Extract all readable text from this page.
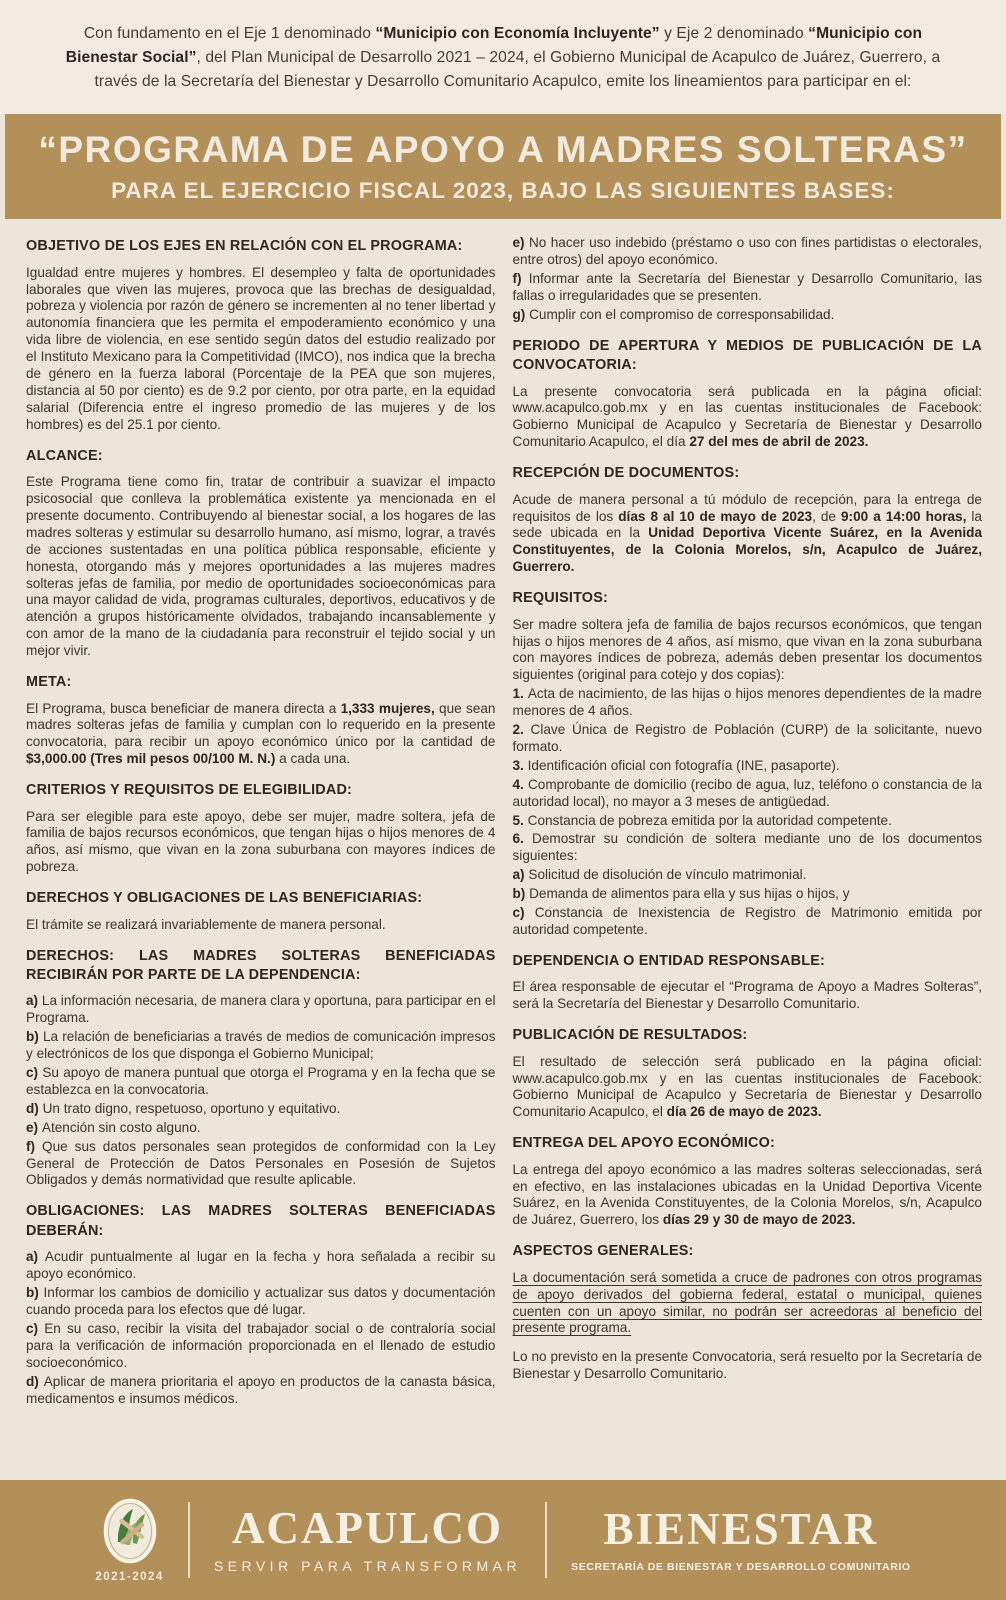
Con fundamento en el Eje 1 denominado “Municipio con Economía Incluyente” y Eje 2 denominado “Municipio con Bienestar Social”, del Plan Municipal de Desarrollo 2021 – 2024, el Gobierno Municipal de Acapulco de Juárez, Guerrero, a través de la Secretaría del Bienestar y Desarrollo Comunitario Acapulco, emite los lineamientos para participar en el:
“PROGRAMA DE APOYO A MADRES SOLTERAS”
PARA EL EJERCICIO FISCAL 2023, BAJO LAS SIGUIENTES BASES:
OBJETIVO DE LOS EJES EN RELACIÓN CON EL PROGRAMA:

Igualdad entre mujeres y hombres. El desempleo y falta de oportunidades laborales que viven las mujeres, provoca que las brechas de desigualdad, pobreza y violencia por razón de género se incrementen al no tener libertad y autonomía financiera que les permita el empoderamiento económico y una vida libre de violencia, en ese sentido según datos del estudio realizado por el Instituto Mexicano para la Competitividad (IMCO), nos indica que la brecha de género en la fuerza laboral (Porcentaje de la PEA que son mujeres, distancia al 50 por ciento) es de 9.2 por ciento, por otra parte, en la equidad salarial (Diferencia entre el ingreso promedio de las mujeres y de los hombres) es del 25.1 por ciento.

ALCANCE:

Este Programa tiene como fin, tratar de contribuir a suavizar el impacto psicosocial que conlleva la problemática existente ya mencionada en el presente documento. Contribuyendo al bienestar social, a los hogares de las madres solteras y estimular su desarrollo humano, así mismo, lograr, a través de acciones sustentadas en una política pública responsable, eficiente y honesta, otorgando más y mejores oportunidades a las mujeres madres solteras jefas de familia, por medio de oportunidades socioeconómicas para una mayor calidad de vida, programas culturales, deportivos, educativos y de atención a grupos históricamente olvidados, trabajando incansablemente y con amor de la mano de la ciudadanía para reconstruir el tejido social y un mejor vivir.

META:

El Programa, busca beneficiar de manera directa a 1,333 mujeres, que sean madres solteras jefas de familia y cumplan con lo requerido en la presente convocatoria, para recibir un apoyo económico único por la cantidad de $3,000.00 (Tres mil pesos 00/100 M. N.) a cada una.

CRITERIOS Y REQUISITOS DE ELEGIBILIDAD:

Para ser elegible para este apoyo, debe ser mujer, madre soltera, jefa de familia de bajos recursos económicos, que tengan hijas o hijos menores de 4 años, así mismo, que vivan en la zona suburbana con mayores índices de pobreza.

DERECHOS Y OBLIGACIONES DE LAS BENEFICIARIAS:

El trámite se realizará invariablemente de manera personal.

DERECHOS: LAS MADRES SOLTERAS BENEFICIADAS RECIBIRÁN POR PARTE DE LA DEPENDENCIA:

a) La información necesaria, de manera clara y oportuna, para participar en el Programa.

b) La relación de beneficiarias a través de medios de comunicación impresos y electrónicos de los que disponga el Gobierno Municipal;

c) Su apoyo de manera puntual que otorga el Programa y en la fecha que se establezca en la convocatoria.

d) Un trato digno, respetuoso, oportuno y equitativo.

e) Atención sin costo alguno.

f) Que sus datos personales sean protegidos de conformidad con la Ley General de Protección de Datos Personales en Posesión de Sujetos Obligados y demás normatividad que resulte aplicable.

OBLIGACIONES: LAS MADRES SOLTERAS BENEFICIADAS DEBERÁN:

a) Acudir puntualmente al lugar en la fecha y hora señalada a recibir su apoyo económico.

b) Informar los cambios de domicilio y actualizar sus datos y documentación cuando proceda para los efectos que dé lugar.

c) En su caso, recibir la visita del trabajador social o de contraloría social para la verificación de información proporcionada en el llenado de estudio socioeconómico.

d) Aplicar de manera prioritaria el apoyo en productos de la canasta básica, medicamentos e insumos médicos.

e) No hacer uso indebido (préstamo o uso con fines partidistas o electorales, entre otros) del apoyo económico.

f) Informar ante la Secretaría del Bienestar y Desarrollo Comunitario, las fallas o irregularidades que se presenten.

g) Cumplir con el compromiso de corresponsabilidad.

PERIODO DE APERTURA Y MEDIOS DE PUBLICACIÓN DE LA CONVOCATORIA:

La presente convocatoria será publicada en la página oficial: www.acapulco.gob.mx y en las cuentas institucionales de Facebook: Gobierno Municipal de Acapulco y Secretaría de Bienestar y Desarrollo Comunitario Acapulco, el día 27 del mes de abril de 2023.

RECEPCIÓN DE DOCUMENTOS:

Acude de manera personal a tú módulo de recepción, para la entrega de requisitos de los días 8 al 10 de mayo de 2023, de 9:00 a 14:00 horas, la sede ubicada en la Unidad Deportiva Vicente Suárez, en la Avenida Constituyentes, de la Colonia Morelos, s/n, Acapulco de Juárez, Guerrero.

REQUISITOS:

Ser madre soltera jefa de familia de bajos recursos económicos, que tengan hijas o hijos menores de 4 años, así mismo, que vivan en la zona suburbana con mayores índices de pobreza, además deben presentar los documentos siguientes (original para cotejo y dos copias):

1. Acta de nacimiento, de las hijas o hijos menores dependientes de la madre menores de 4 años.

2. Clave Única de Registro de Población (CURP) de la solicitante, nuevo formato.

3. Identificación oficial con fotografía (INE, pasaporte).

4. Comprobante de domicilio (recibo de agua, luz, teléfono o constancia de la autoridad local), no mayor a 3 meses de antigüedad.

5. Constancia de pobreza emitida por la autoridad competente.

6. Demostrar su condición de soltera mediante uno de los documentos siguientes:

a) Solicitud de disolución de vínculo matrimonial.

b) Demanda de alimentos para ella y sus hijas o hijos, y

c) Constancia de Inexistencia de Registro de Matrimonio emitida por autoridad competente.

DEPENDENCIA O ENTIDAD RESPONSABLE:

El área responsable de ejecutar el “Programa de Apoyo a Madres Solteras”, será la Secretaría del Bienestar y Desarrollo Comunitario.

PUBLICACIÓN DE RESULTADOS:

El resultado de selección será publicado en la página oficial: www.acapulco.gob.mx y en las cuentas institucionales de Facebook: Gobierno Municipal de Acapulco y Secretaría de Bienestar y Desarrollo Comunitario Acapulco, el día 26 de mayo de 2023.

ENTREGA DEL APOYO ECONÓMICO:

La entrega del apoyo económico a las madres solteras seleccionadas, será en efectivo, en las instalaciones ubicadas en la Unidad Deportiva Vicente Suárez, en la Avenida Constituyentes, de la Colonia Morelos, s/n, Acapulco de Juárez, Guerrero, los días 29 y 30 de mayo de 2023.

ASPECTOS GENERALES:

La documentación será sometida a cruce de padrones con otros programas de apoyo derivados del gobierna federal, estatal o municipal, quienes cuenten con un apoyo similar, no podrán ser acreedoras al beneficio del presente programa.

Lo no previsto en la presente Convocatoria, será resuelto por la Secretaría de Bienestar y Desarrollo Comunitario.

2021-2024
ACAPULCO
SERVIR PARA TRANSFORMAR
BIENESTAR
SECRETARÍA DE BIENESTAR Y DESARROLLO COMUNITARIO
